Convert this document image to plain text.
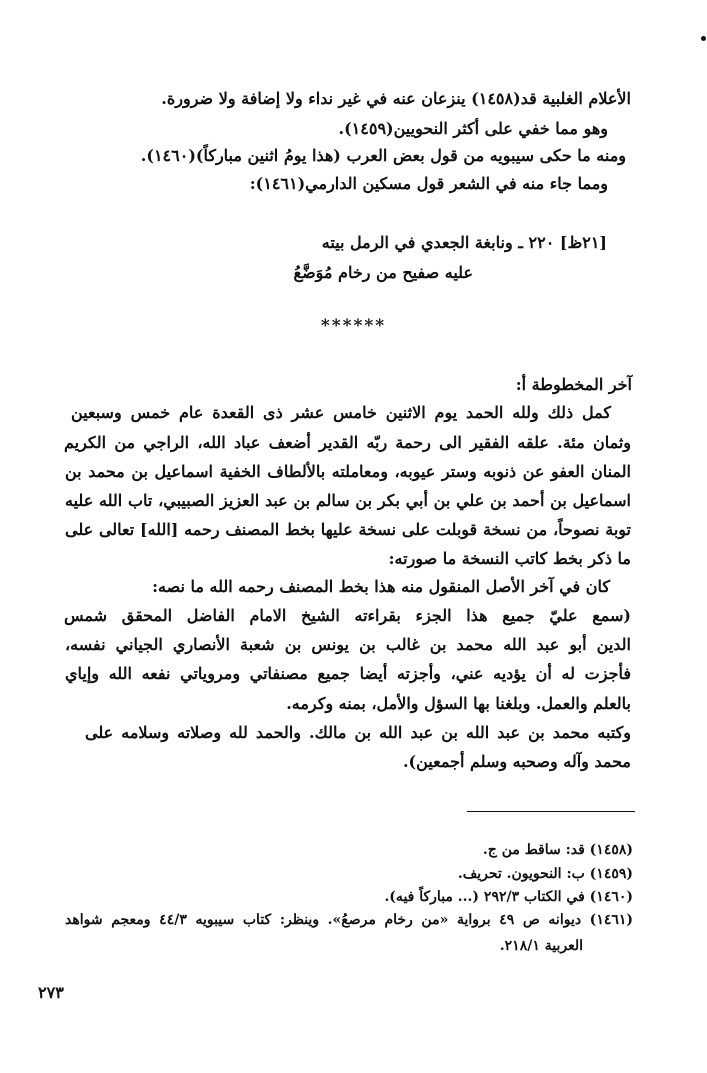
الأعلام الغلبية قد(١٤٥٨) ينزعان عنه في غير نداء ولا إضافة ولا ضرورة.
وهو مما خفي على أكثر النحويين(١٤٥٩).
ومنه ما حكى سيبويه من قول بعض العرب (هذا يومُ اثنين مباركاً)(١٤٦٠).
ومما جاء منه في الشعر قول مسكين الدارمي(١٤٦١):
[٢١ظ] ٢٢٠ ـ ونابغة الجعدي في الرمل بيته
عليه صفيح من رخام مُوَضَّعُ
******
آخر المخطوطة أ:
كمل ذلك ولله الحمد يوم الاثنين خامس عشر ذى القعدة عام خمس وسبعين
وثمان مئة. علقه الفقير الى رحمة ربّه القدير أضعف عباد الله، الراجي من الكريم
المنان العفو عن ذنوبه وستر عيوبه، ومعاملته بالألطاف الخفية اسماعيل بن محمد بن
اسماعيل بن أحمد بن علي بن أبي بكر بن سالم بن عبد العزيز الصبيبي، تاب الله عليه
توبة نصوحاً، من نسخة قوبلت على نسخة عليها بخط المصنف رحمه [الله] تعالى على
ما ذكر بخط كاتب النسخة ما صورته:
كان في آخر الأصل المنقول منه هذا بخط المصنف رحمه الله ما نصه:
(سمع عليّ جميع هذا الجزء بقراءته الشيخ الامام الفاضل المحقق شمس
الدين أبو عبد الله محمد بن غالب بن يونس بن شعبة الأنصاري الجياني نفسه،
فأجزت له أن يؤديه عني، وأجزته أيضا جميع مصنفاتي ومروياتي نفعه الله وإياي
بالعلم والعمل. وبلغنا بها السؤل والأمل، بمنه وكرمه.
وكتبه محمد بن عبد الله بن عبد الله بن مالك. والحمد لله وصلاته وسلامه على
محمد وآله وصحبه وسلم أجمعين).
(١٤٥٨) قد: ساقط من ج.
(١٤٥٩) ب: النحويون. تحريف.
(١٤٦٠) في الكتاب ٢٩٢/٣ (... مباركاً فيه).
(١٤٦١) ديوانه ص ٤٩ برواية «من رخام مرصعُ». وينظر: كتاب سيبويه ٤٤/٣ ومعجم شواهد
العربية ٢١٨/١.
٢٧٣
